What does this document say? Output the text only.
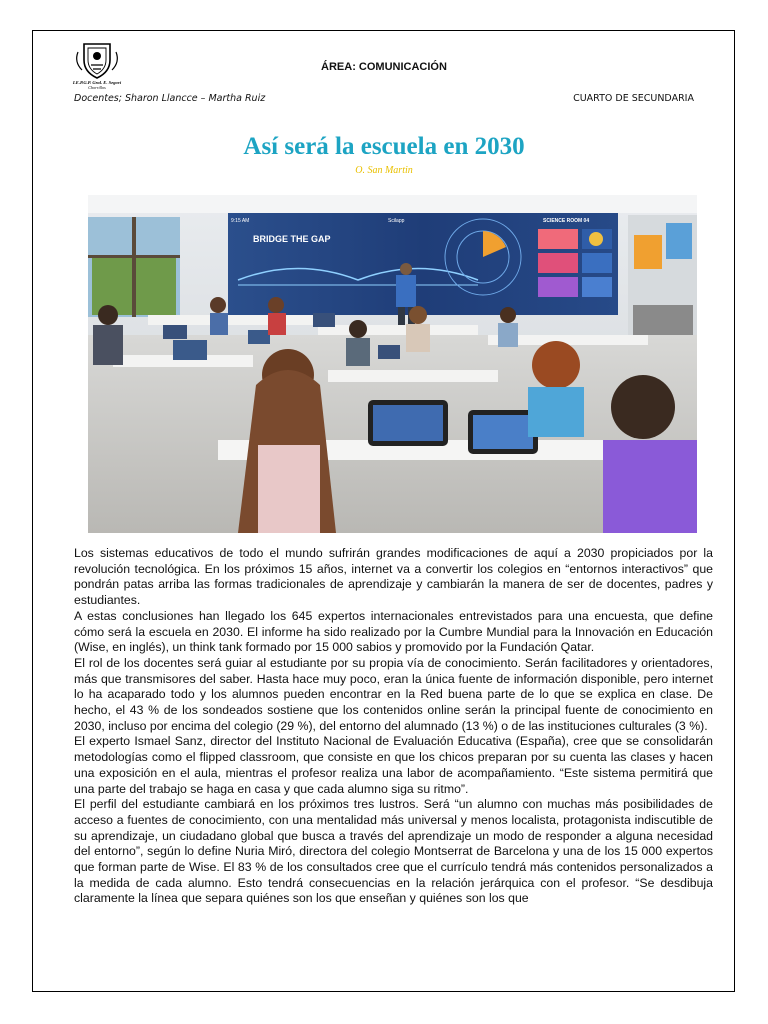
I.E.P.G.P. Gral. E. Segovi
Chorrillos
ÁREA: COMUNICACIÓN
Docentes; Sharon Llancce – Martha Ruiz	CUARTO DE SECUNDARIA
Así será la escuela en 2030
O. San Martin
BRIDGE THE GAP
9:15 AM	Scilapp	SCIENCE ROOM 04

Los sistemas educativos de todo el mundo sufrirán grandes modificaciones de aquí a 2030 propiciados por la revolución tecnológica. En los próximos 15 años, internet va a convertir los colegios en “entornos interactivos” que pondrán patas arriba las formas tradicionales de aprendizaje y cambiarán la manera de ser de docentes, padres y estudiantes.

A estas conclusiones han llegado los 645 expertos internacionales entrevistados para una encuesta, que define cómo será la escuela en 2030. El informe ha sido realizado por la Cumbre Mundial para la Innovación en Educación (Wise, en inglés), un think tank formado por 15 000 sabios y promovido por la Fundación Qatar.

El rol de los docentes será guiar al estudiante por su propia vía de conocimiento. Serán facilitadores y orientadores, más que transmisores del saber. Hasta hace muy poco, eran la única fuente de información disponible, pero internet lo ha acaparado todo y los alumnos pueden encontrar en la Red buena parte de lo que se explica en clase. De hecho, el 43 % de los sondeados sostiene que los contenidos online serán la principal fuente de conocimiento en 2030, incluso por encima del colegio (29 %), del entorno del alumnado (13 %) o de las instituciones culturales (3 %).

El experto Ismael Sanz, director del Instituto Nacional de Evaluación Educativa (España), cree que se consolidarán metodologías como el flipped classroom, que consiste en que los chicos preparan por su cuenta las clases y hacen una exposición en el aula, mientras el profesor realiza una labor de acompañamiento. “Este sistema permitirá que una parte del trabajo se haga en casa y que cada alumno siga su ritmo”.

El perfil del estudiante cambiará en los próximos tres lustros. Será “un alumno con muchas más posibilidades de acceso a fuentes de conocimiento, con una mentalidad más universal y menos localista, protagonista indiscutible de su aprendizaje, un ciudadano global que busca a través del aprendizaje un modo de responder a alguna necesidad del entorno”, según lo define Nuria Miró, directora del colegio Montserrat de Barcelona y una de los 15 000 expertos que forman parte de Wise. El 83 % de los consultados cree que el currículo tendrá más contenidos personalizados a la medida de cada alumno. Esto tendrá consecuencias en la relación jerárquica con el profesor. “Se desdibuja claramente la línea que separa quiénes son los que enseñan y quiénes son los que
